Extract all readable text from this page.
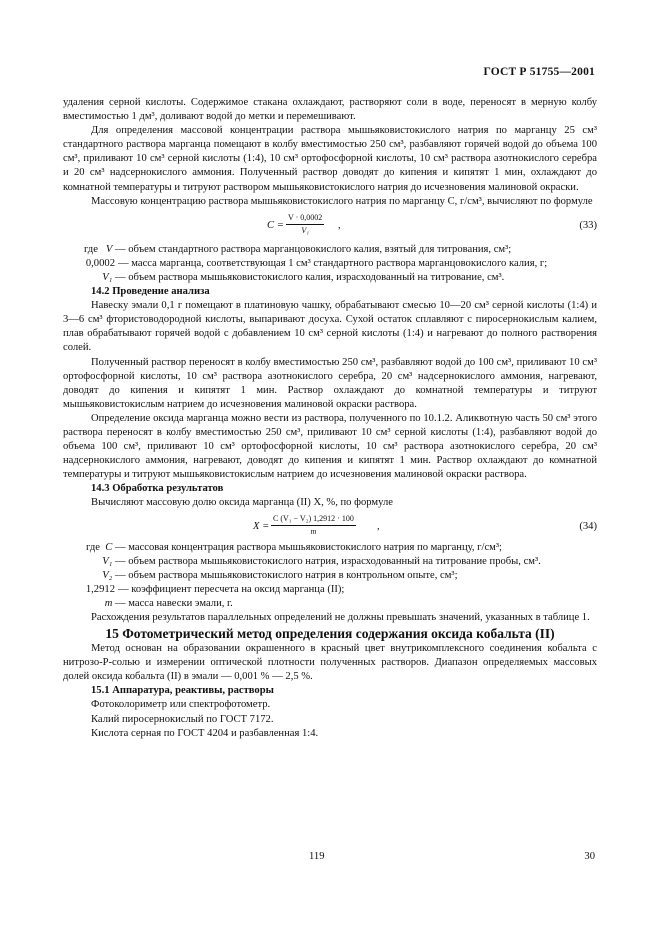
ГОСТ Р 51755—2001

удаления серной кислоты. Содержимое стакана охлаждают, растворяют соли в воде, переносят в мерную колбу вместимостью 1 дм³, доливают водой до метки и перемешивают.

Для определения массовой концентрации раствора мышьяковистокислого натрия по марганцу 25 см³ стандартного раствора марганца помещают в колбу вместимостью 250 см³, разбавляют горячей водой до объема 100 см³, приливают 10 см³ серной кислоты (1:4), 10 см³ ортофосфорной кислоты, 10 см³ раствора азотнокислого серебра и 20 см³ надсернокислого аммония. Полученный раствор доводят до кипения и кипятят 1 мин, охлаждают до комнатной температуры и титруют раствором мышьяковистокислого натрия до исчезновения малиновой окраски.

Массовую концентрацию раствора мышьяковистокислого натрия по марганцу C, г/см³, вычисляют по формуле

$C = \frac{V \cdot 0,0002}{\text{V₁}}$ ,	(33)
где V — объем стандартного раствора марганцовокислого калия, взятый для титрования, см³;
0,0002 — масса марганца, соответствующая 1 см³ стандартного раствора марганцовокислого калия, г;
V₁ — объем раствора мышьяковистокислого калия, израсходованный на титрование, см³.

14.2 Проведение анализа

Навеску эмали 0,1 г помещают в платиновую чашку, обрабатывают смесью 10—20 см³ серной кислоты (1:4) и 3—6 см³ фтористоводородной кислоты, выпаривают досуха. Сухой остаток сплавляют с пиросернокислым калием, плав обрабатывают горячей водой с добавлением 10 см³ серной кислоты (1:4) и нагревают до полного растворения солей.

Полученный раствор переносят в колбу вместимостью 250 см³, разбавляют водой до 100 см³, приливают 10 см³ ортофосфорной кислоты, 10 см³ раствора азотнокислого серебра, 20 см³ надсернокислого аммония, нагревают, доводят до кипения и кипятят 1 мин. Раствор охлаждают до комнатной температуры и титруют мышьяковистокислым натрием до исчезновения малиновой окраски раствора.

Определение оксида марганца можно вести из раствора, полученного по 10.1.2. Аликвотную часть 50 см³ этого раствора переносят в колбу вместимостью 250 см³, приливают 10 см³ серной кислоты (1:4), разбавляют водой до объема 100 см³, приливают 10 см³ ортофосфорной кислоты, 10 см³ раствора азотнокислого серебра, 20 см³ надсернокислого аммония, нагревают, доводят до кипения и кипятят 1 мин. Раствор охлаждают до комнатной температуры и титруют мышьяковистокислым натрием до исчезновения малиновой окраски раствора.

14.3 Обработка результатов

Вычисляют массовую долю оксида марганца (II) X, %, по формуле

$X = \frac{\text{C (V₁ − V₂) 1,2912 · 100}}{m}$ ,	(34)
где C — массовая концентрация раствора мышьяковистокислого натрия по марганцу, г/см³;
V₁ — объем раствора мышьяковистокислого натрия, израсходованный на титрование пробы, см³.
V₂ — объем раствора мышьяковистокислого натрия в контрольном опыте, см³;
1,2912 — коэффициент пересчета на оксид марганца (II);
m — масса навески эмали, г.

Расхождения результатов параллельных определений не должны превышать значений, указанных в таблице 1.

15 Фотометрический метод определения содержания оксида кобальта (II)

Метод основан на образовании окрашенного в красный цвет внутрикомплексного соединения кобальта с нитрозо-Р-солью и измерении оптической плотности полученных растворов. Диапазон определяемых массовых долей оксида кобальта (II) в эмали — 0,001 % — 2,5 %.

15.1 Аппаратура, реактивы, растворы

Фотоколориметр или спектрофотометр.

Калий пиросернокислый по ГОСТ 7172.

Кислота серная по ГОСТ 4204 и разбавленная 1:4.

119	30
